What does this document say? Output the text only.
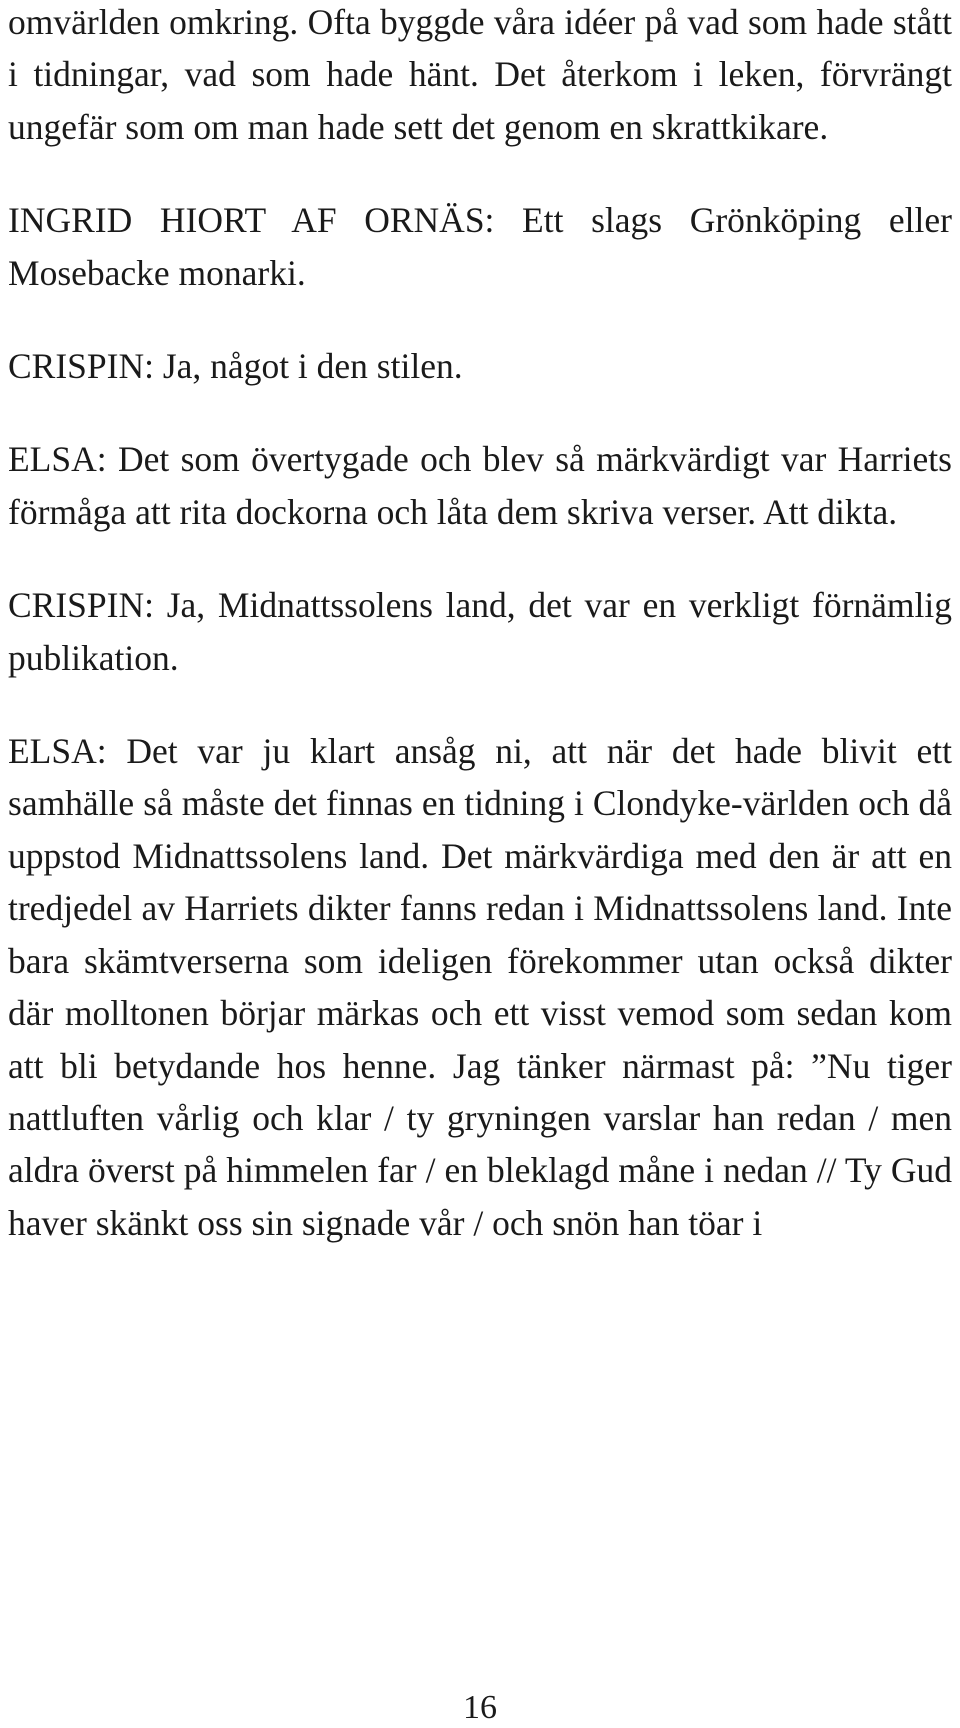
omvärlden omkring. Ofta byggde våra idéer på vad som hade stått i tidningar, vad som hade hänt. Det återkom i leken, förvrängt ungefär som om man hade sett det genom en skrattkikare.

INGRID HIORT AF ORNÄS: Ett slags Grönköping eller Mosebacke monarki.

CRISPIN: Ja, något i den stilen.

ELSA: Det som övertygade och blev så märkvärdigt var Harriets förmåga att rita dockorna och låta dem skriva verser. Att dikta.

CRISPIN: Ja, Midnattssolens land, det var en verkligt förnämlig publikation.

ELSA: Det var ju klart ansåg ni, att när det hade blivit ett samhälle så måste det finnas en tidning i Clondyke-världen och då uppstod Midnattssolens land. Det märkvärdiga med den är att en tredjedel av Harriets dikter fanns redan i Midnattssolens land. Inte bara skämtverserna som ideligen förekommer utan också dikter där molltonen börjar märkas och ett visst vemod som sedan kom att bli betydande hos henne. Jag tänker närmast på: ”Nu tiger nattluften vårlig och klar / ty gryningen varslar han redan / men aldra överst på himmelen far / en bleklagd måne i nedan // Ty Gud haver skänkt oss sin signade vår / och snön han töar i

16
